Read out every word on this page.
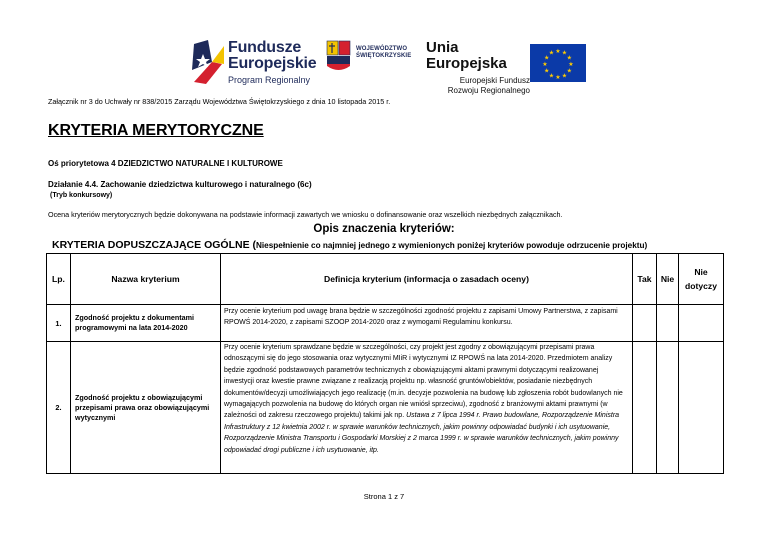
Fundusze
Europejskie
Program Regionalny
WOJEWÓDZTWO
ŚWIĘTOKRZYSKIE Unia Europejska
Europejski Fundusz
Rozwoju Regionalnego
★ ★
★
★
★
★
★
★
★
★
★
★
Załącznik nr 3 do Uchwały nr 838/2015 Zarządu Województwa Świętokrzyskiego z dnia 10 listopada 2015 r.
KRYTERIA MERYTORYCZNE
Oś priorytetowa 4 DZIEDZICTWO NATURALNE I KULTUROWE
Działanie 4.4. Zachowanie dziedzictwa kulturowego i naturalnego (6c)
(Tryb konkursowy)
Ocena kryteriów merytorycznych będzie dokonywana na podstawie informacji zawartych we wniosku o dofinansowanie oraz wszelkich niezbędnych załącznikach.
Opis znaczenia kryteriów:
KRYTERIA DOPUSZCZAJĄCE OGÓLNE (Niespełnienie co najmniej jednego z wymienionych poniżej kryteriów powoduje odrzucenie projektu)
Lp.	Nazwa kryterium	Definicja kryterium (informacja o zasadach oceny)	Tak	Nie	Nie dotyczy
1.	Zgodność projektu z dokumentami programowymi na lata 2014-2020	Przy ocenie kryterium pod uwagę brana będzie w szczególności zgodność projektu z zapisami Umowy Partnerstwa, z zapisami RPOWŚ 2014-2020, z zapisami SZOOP 2014-2020 oraz z wymogami Regulaminu konkursu.			
2.	Zgodność projektu z obowiązującymi przepisami prawa oraz obowiązującymi wytycznymi	Przy ocenie kryterium sprawdzane będzie w szczególności, czy projekt jest zgodny z obowiązującymi przepisami prawa odnoszącymi się do jego stosowania oraz wytycznymi MIiR i wytycznymi IZ RPOWŚ na lata 2014-2020. Przedmiotem analizy będzie zgodność podstawowych parametrów technicznych z obowiązującymi aktami prawnymi dotyczącymi realizowanej inwestycji oraz kwestie prawne związane z realizacją projektu np. własność gruntów/obiektów, posiadanie niezbędnych dokumentów/decyzji umożliwiających jego realizację (m.in. decyzje pozwolenia na budowę lub zgłoszenia robót budowlanych nie wymagających pozwolenia na budowę do których organ nie wniósł sprzeciwu), zgodność z branżowymi aktami prawnymi (w zależności od zakresu rzeczowego projektu) takimi jak np. Ustawa z 7 lipca 1994 r. Prawo budowlane, Rozporządzenie Ministra Infrastruktury z 12 kwietnia 2002 r. w sprawie warunków technicznych, jakim powinny odpowiadać budynki i ich usytuowanie, Rozporządzenie Ministra Transportu i Gospodarki Morskiej z 2 marca 1999 r. w sprawie warunków technicznych, jakim powinny odpowiadać drogi publiczne i ich usytuowanie, itp.			
Strona 1 z 7
